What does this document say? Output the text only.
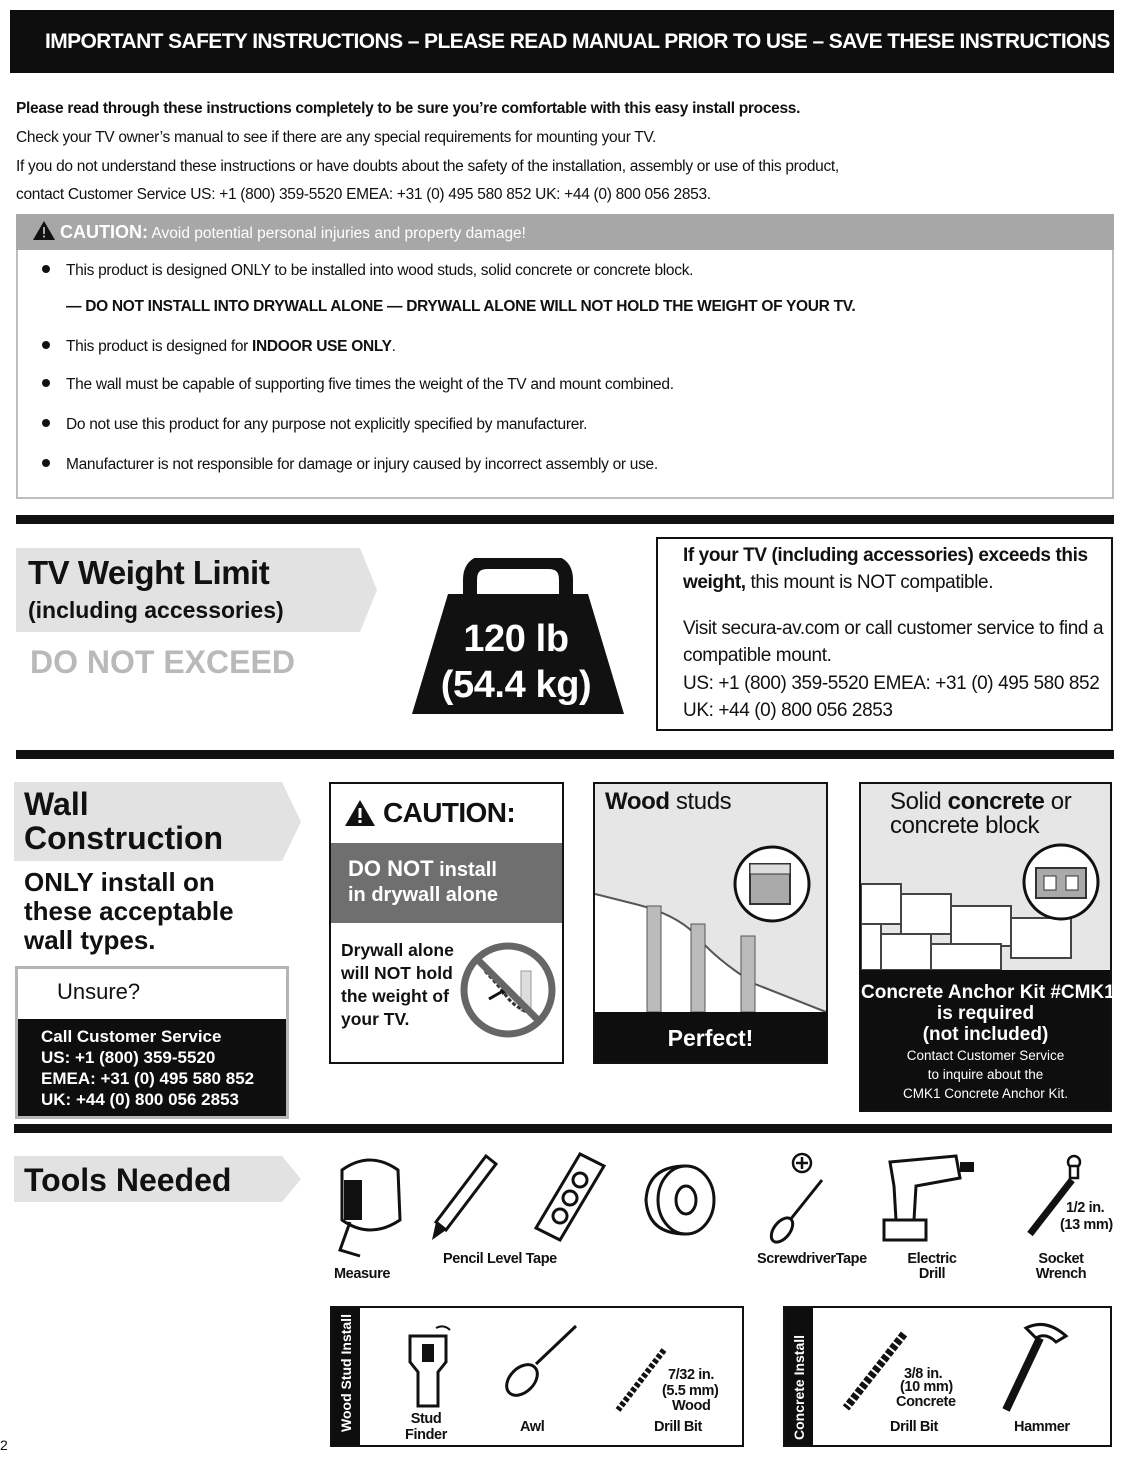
IMPORTANT SAFETY INSTRUCTIONS – PLEASE READ MANUAL PRIOR TO USE – SAVE THESE INSTRUCTIONS
Please read through these instructions completely to be sure you’re comfortable with this easy install process.
Check your TV owner’s manual to see if there are any special requirements for mounting your TV.
If you do not understand these instructions or have doubts about the safety of the installation, assembly or use of this product,
contact Customer Service US: +1 (800) 359-5520 EMEA: +31 (0) 495 580 852 UK: +44 (0) 800 056 2853.
CAUTION: Avoid potential personal injuries and property damage!
This product is designed ONLY to be installed into wood studs, solid concrete or concrete block.
— DO NOT INSTALL INTO DRYWALL ALONE — DRYWALL ALONE WILL NOT HOLD THE WEIGHT OF YOUR TV.
This product is designed for INDOOR USE ONLY.
The wall must be capable of supporting five times the weight of the TV and mount combined.
Do not use this product for any purpose not explicitly specified by manufacturer.
Manufacturer is not responsible for damage or injury caused by incorrect assembly or use.
TV Weight Limit
(including accessories)
DO NOT EXCEED
120 lb
(54.4 kg)
If your TV (including accessories) exceeds this
weight, this mount is NOT compatible.
Visit secura-av.com or call customer service to find a
compatible mount.
US: +1 (800) 359-5520 EMEA: +31 (0) 495 580 852
UK: +44 (0) 800 056 2853
Wall
Construction
ONLY install on
these acceptable
wall types.
Unsure?
Call Customer Service
US: +1 (800) 359-5520
EMEA: +31 (0) 495 580 852
UK: +44 (0) 800 056 2853
CAUTION:
DO NOT install
in drywall alone
Drywall alone
will NOT hold
the weight of
your TV.
Wood studs
Perfect!
Solid concrete or
concrete block
Concrete Anchor Kit #CMK1
is required
(not included)
Contact Customer Service
to inquire about the
CMK1 Concrete Anchor Kit.
Tools Needed
Measure
Pencil Level Tape	ScrewdriverTape	Electric
Drill
Socket
Wrench
1/2 in.
(13 mm)
Wood Stud Install	Stud
Finder	Awl
7/32 in.
(5.5 mm)
Wood
Drill Bit	Concrete Install	3/8 in.
(10 mm)
Concrete
Drill Bit	Hammer
2
